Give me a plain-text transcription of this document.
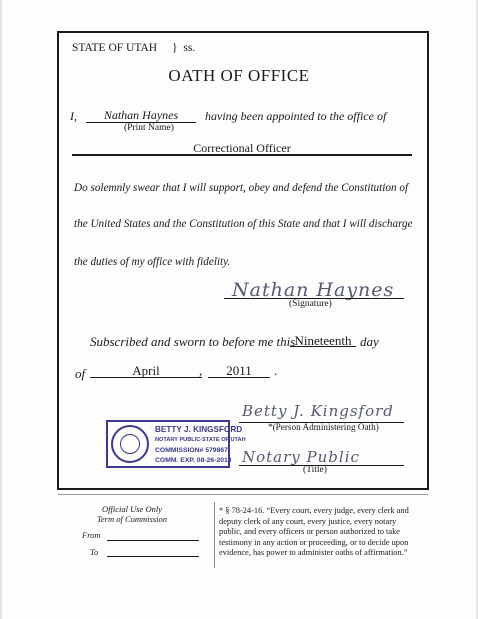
STATE OF UTAH } ss.
OATH OF OFFICE
I,	Nathan Haynes
(Print Name)
having been appointed to the office of
Correctional Officer
Do solemnly swear that I will support, obey and defend the Constitution of
the United States and the Constitution of this State and that I will discharge
the duties of my office with fidelity.
Nathan Haynes
(Signature)
Subscribed and sworn to before me this Nineteenth day
of	April	,	2011	.
BETTY J. KINGSFORD
NOTARY PUBLIC-STATE OF UTAH
COMMISSION# 579867
COMM. EXP. 08-26-2013
Betty J. Kingsford
*(Person Administering Oath)
Notary Public
(Title)
Official Use Only
Term of Commission
From
To
* § 78-24-16. “Every court, every judge, every clerk and deputy clerk of any court, every justice, every notary public, and every officers or person authorized to take testimony in any action or proceeding, or to decide upon evidence, has power to administer oaths of affirmation.”
